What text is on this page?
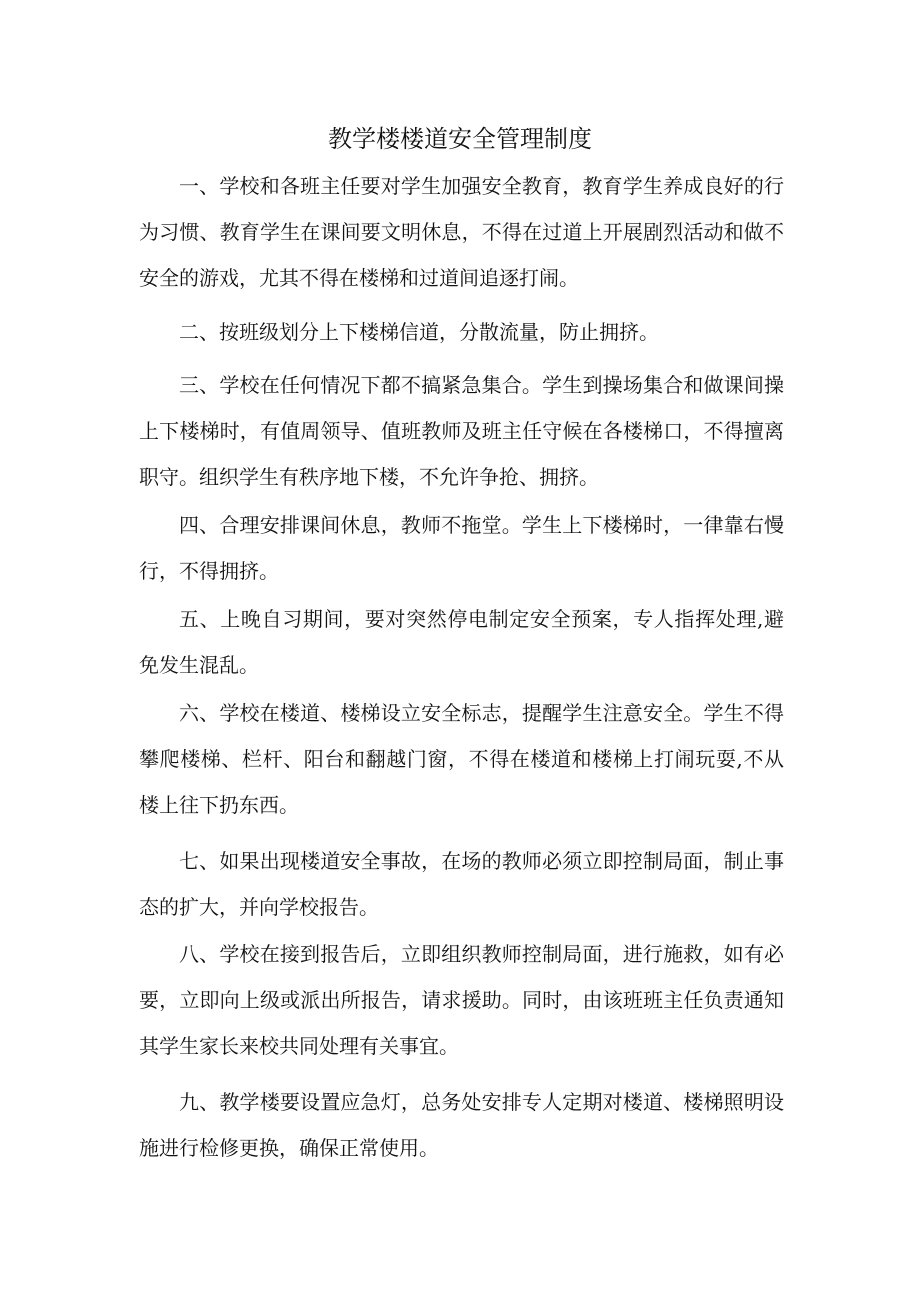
教学楼楼道安全管理制度

一、学校和各班主任要对学生加强安全教育，教育学生养成良好的行为习惯、教育学生在课间要文明休息，不得在过道上开展剧烈活动和做不安全的游戏，尤其不得在楼梯和过道间追逐打闹。

二、按班级划分上下楼梯信道，分散流量，防止拥挤。

三、学校在任何情况下都不搞紧急集合。学生到操场集合和做课间操上下楼梯时，有值周领导、值班教师及班主任守候在各楼梯口，不得擅离职守。组织学生有秩序地下楼，不允许争抢、拥挤。

四、合理安排课间休息，教师不拖堂。学生上下楼梯时，一律靠右慢行，不得拥挤。

五、上晚自习期间，要对突然停电制定安全预案，专人指挥处理,避免发生混乱。

六、学校在楼道、楼梯设立安全标志，提醒学生注意安全。学生不得攀爬楼梯、栏杆、阳台和翻越门窗，不得在楼道和楼梯上打闹玩耍,不从楼上往下扔东西。

七、如果出现楼道安全事故，在场的教师必须立即控制局面，制止事态的扩大，并向学校报告。

八、学校在接到报告后，立即组织教师控制局面，进行施救，如有必要，立即向上级或派出所报告，请求援助。同时，由该班班主任负责通知其学生家长来校共同处理有关事宜。

九、教学楼要设置应急灯，总务处安排专人定期对楼道、楼梯照明设施进行检修更换，确保正常使用。
